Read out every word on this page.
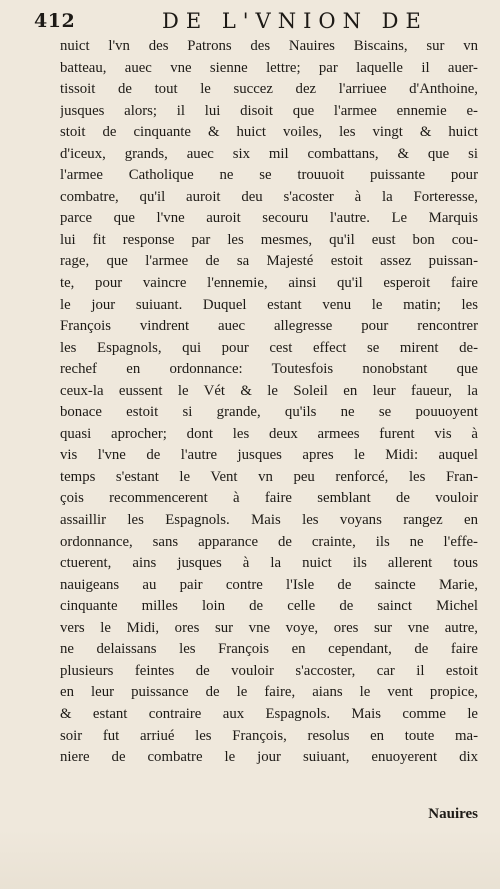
412	DE L'VNION DE
nuict l'vn des Patrons des Nauires Biscains, sur vn
batteau, auec vne sienne lettre; par laquelle il auer-
tissoit de tout le succez dez l'arriuee d'Anthoine,
jusques alors; il lui disoit que l'armee ennemie e-
stoit de cinquante & huict voiles, les vingt & huict
d'iceux, grands, auec six mil combattans, & que si
l'armee Catholique ne se trouuoit puissante pour
combatre, qu'il auroit deu s'acoster à la Forteresse,
parce que l'vne auroit secouru l'autre. Le Marquis
lui fit response par les mesmes, qu'il eust bon cou-
rage, que l'armee de sa Majesté estoit assez puissan-
te, pour vaincre l'ennemie, ainsi qu'il esperoit faire
le jour suiuant. Duquel estant venu le matin; les
François vindrent auec allegresse pour rencontrer
les Espagnols, qui pour cest effect se mirent de-
rechef en ordonnance: Toutesfois nonobstant que
ceux-la eussent le Vét & le Soleil en leur faueur, la
bonace estoit si grande, qu'ils ne se pouuoyent
quasi aprocher; dont les deux armees furent vis à
vis l'vne de l'autre jusques apres le Midi: auquel
temps s'estant le Vent vn peu renforcé, les Fran-
çois recommencerent à faire semblant de vouloir
assaillir les Espagnols. Mais les voyans rangez en
ordonnance, sans apparance de crainte, ils ne l'effe-
ctuerent, ains jusques à la nuict ils allerent tous
nauigeans au pair contre l'Isle de saincte Marie,
cinquante milles loin de celle de sainct Michel
vers le Midi, ores sur vne voye, ores sur vne autre,
ne delaissans les François en cependant, de faire
plusieurs feintes de vouloir s'accoster, car il estoit
en leur puissance de le faire, aians le vent propice,
& estant contraire aux Espagnols. Mais comme le
soir fut arriué les François, resolus en toute ma-
niere de combatre le jour suiuant, enuoyerent dix
Nauires
